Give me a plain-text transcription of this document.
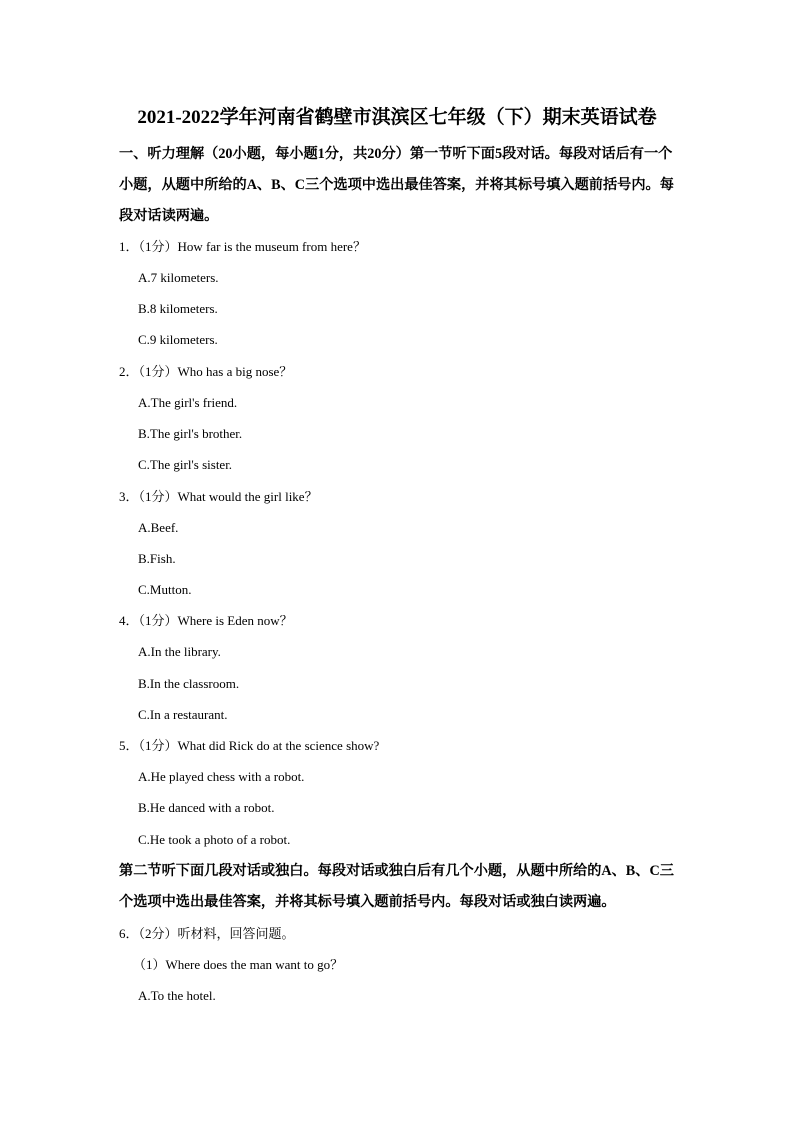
2021-2022学年河南省鹤壁市淇滨区七年级（下）期末英语试卷
一、听力理解（20小题，每小题1分，共20分）第一节听下面5段对话。每段对话后有一个小题，从题中所给的A、B、C三个选项中选出最佳答案，并将其标号填入题前括号内。每段对话读两遍。
1．（1分）How far is the museum from here？
A.7 kilometers.
B.8 kilometers.
C.9 kilometers.
2．（1分）Who has a big nose？
A.The girl's friend.
B.The girl's brother.
C.The girl's sister.
3．（1分）What would the girl like？
A.Beef.
B.Fish.
C.Mutton.
4．（1分）Where is Eden now？
A.In the library.
B.In the classroom.
C.In a restaurant.
5．（1分）What did Rick do at the science show?
A.He played chess with a robot.
B.He danced with a robot.
C.He took a photo of a robot.
第二节听下面几段对话或独白。每段对话或独白后有几个小题，从题中所给的A、B、C三个选项中选出最佳答案，并将其标号填入题前括号内。每段对话或独白读两遍。
6．（2分）听材料，回答问题。
（1）Where does the man want to go？
A.To the hotel.
